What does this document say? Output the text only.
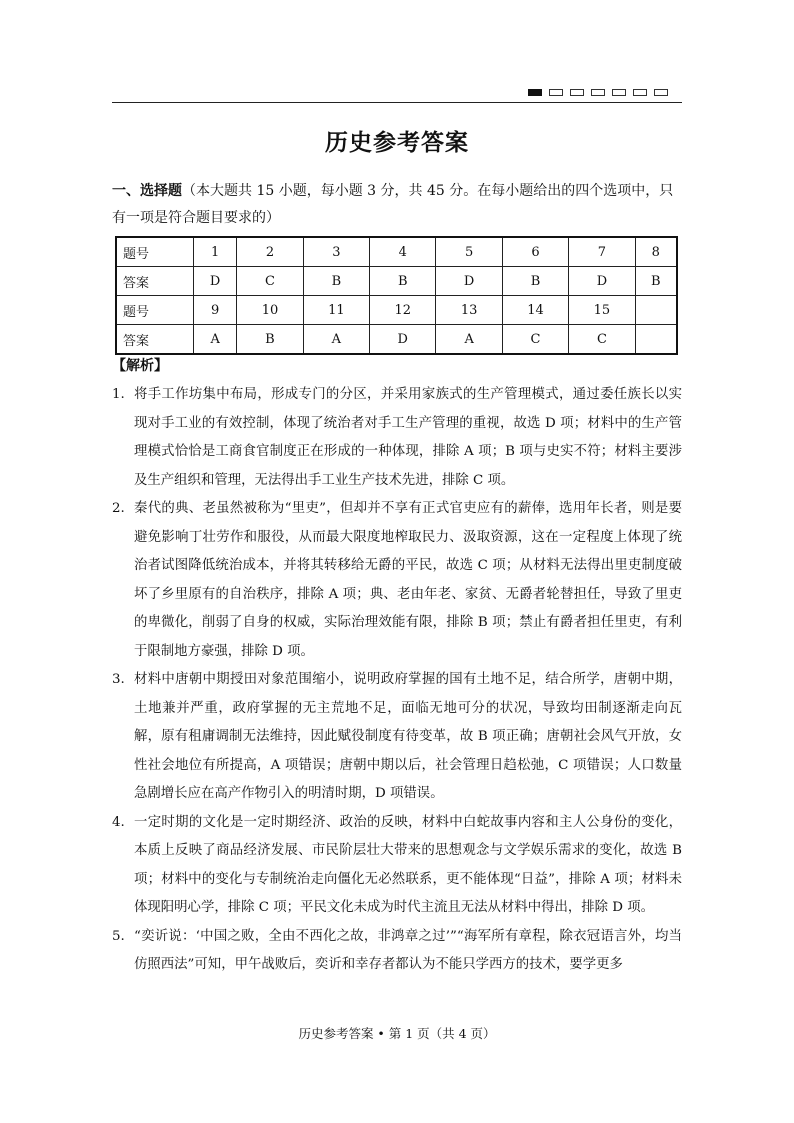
历史参考答案
一、选择题（本大题共 15 小题，每小题 3 分，共 45 分。在每小题给出的四个选项中，只有一项是符合题目要求的）
题号	1	2	3	4	5	6	7	8
答案	D	C	B	B	D	B	D	B
题号	9	10	11	12	13	14	15	
答案	A	B	A	D	A	C	C	
【解析】
1. 将手工作坊集中布局，形成专门的分区，并采用家族式的生产管理模式，通过委任族长以实现对手工业的有效控制，体现了统治者对手工生产管理的重视，故选 D 项；材料中的生产管理模式恰恰是工商食官制度正在形成的一种体现，排除 A 项；B 项与史实不符；材料主要涉及生产组织和管理，无法得出手工业生产技术先进，排除 C 项。
2. 秦代的典、老虽然被称为“里吏”，但却并不享有正式官吏应有的薪俸，选用年长者，则是要避免影响丁壮劳作和服役，从而最大限度地榨取民力、汲取资源，这在一定程度上体现了统治者试图降低统治成本，并将其转移给无爵的平民，故选 C 项；从材料无法得出里吏制度破坏了乡里原有的自治秩序，排除 A 项；典、老由年老、家贫、无爵者轮替担任，导致了里吏的卑微化，削弱了自身的权威，实际治理效能有限，排除 B 项；禁止有爵者担任里吏，有利于限制地方豪强，排除 D 项。
3. 材料中唐朝中期授田对象范围缩小，说明政府掌握的国有土地不足，结合所学，唐朝中期，土地兼并严重，政府掌握的无主荒地不足，面临无地可分的状况，导致均田制逐渐走向瓦解，原有租庸调制无法维持，因此赋役制度有待变革，故 B 项正确；唐朝社会风气开放，女性社会地位有所提高，A 项错误；唐朝中期以后，社会管理日趋松弛，C 项错误；人口数量急剧增长应在高产作物引入的明清时期，D 项错误。
4. 一定时期的文化是一定时期经济、政治的反映，材料中白蛇故事内容和主人公身份的变化，本质上反映了商品经济发展、市民阶层壮大带来的思想观念与文学娱乐需求的变化，故选 B 项；材料中的变化与专制统治走向僵化无必然联系，更不能体现“日益”，排除 A 项；材料未体现阳明心学，排除 C 项；平民文化未成为时代主流且无法从材料中得出，排除 D 项。
5. “奕䜣说：‘中国之败，全由不西化之故，非鸿章之过’”“海军所有章程，除衣冠语言外，均当仿照西法”可知，甲午战败后，奕䜣和幸存者都认为不能只学西方的技术，要学更多
历史参考答案 • 第 1 页（共 4 页）
